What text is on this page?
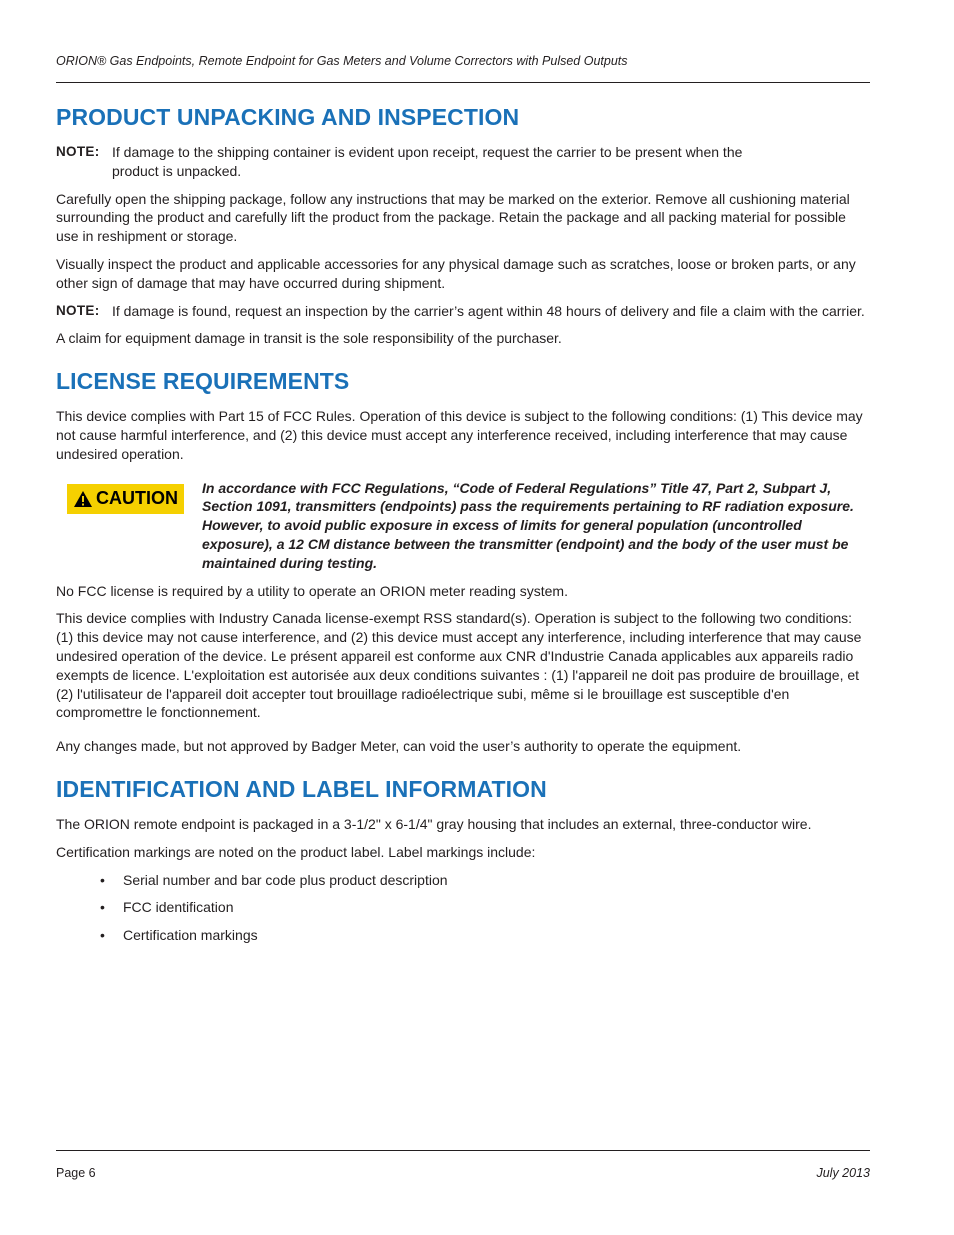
ORION® Gas Endpoints, Remote Endpoint for Gas Meters and Volume Correctors with Pulsed Outputs
PRODUCT UNPACKING AND INSPECTION
NOTE: If damage to the shipping container is evident upon receipt, request the carrier to be present when the product is unpacked.

Carefully open the shipping package, follow any instructions that may be marked on the exterior. Remove all cushioning material surrounding the product and carefully lift the product from the package. Retain the package and all packing material for possible use in reshipment or storage.

Visually inspect the product and applicable accessories for any physical damage such as scratches, loose or broken parts, or any other sign of damage that may have occurred during shipment.

NOTE: If damage is found, request an inspection by the carrier’s agent within 48 hours of delivery and file a claim with the carrier.

A claim for equipment damage in transit is the sole responsibility of the purchaser.

LICENSE REQUIREMENTS

This device complies with Part 15 of FCC Rules. Operation of this device is subject to the following conditions: (1) This device may not cause harmful interference, and (2) this device must accept any interference received, including interference that may cause undesired operation.

CAUTION

In accordance with FCC Regulations, “Code of Federal Regulations” Title 47, Part 2, Subpart J, Section 1091, transmitters (endpoints) pass the requirements pertaining to RF radiation exposure. However, to avoid public exposure in excess of limits for general population (uncontrolled exposure), a 12 CM distance between the transmitter (endpoint) and the body of the user must be maintained during testing.

No FCC license is required by a utility to operate an ORION meter reading system.

This device complies with Industry Canada license-exempt RSS standard(s). Operation is subject to the following two conditions: (1) this device may not cause interference, and (2) this device must accept any interference, including interference that may cause undesired operation of the device. Le présent appareil est conforme aux CNR d'Industrie Canada applicables aux appareils radio exempts de licence. L'exploitation est autorisée aux deux conditions suivantes : (1) l'appareil ne doit pas produire de brouillage, et (2) l'utilisateur de l'appareil doit accepter tout brouillage radioélectrique subi, même si le brouillage est susceptible d'en compromettre le fonctionnement.

Any changes made, but not approved by Badger Meter, can void the user’s authority to operate the equipment.

IDENTIFICATION AND LABEL INFORMATION

The ORION remote endpoint is packaged in a 3-1/2" x 6-1/4" gray housing that includes an external, three-conductor wire.

Certification markings are noted on the product label. Label markings include:

• Serial number and bar code plus product description
• FCC identification
• Certification markings
Page 6	July 2013
